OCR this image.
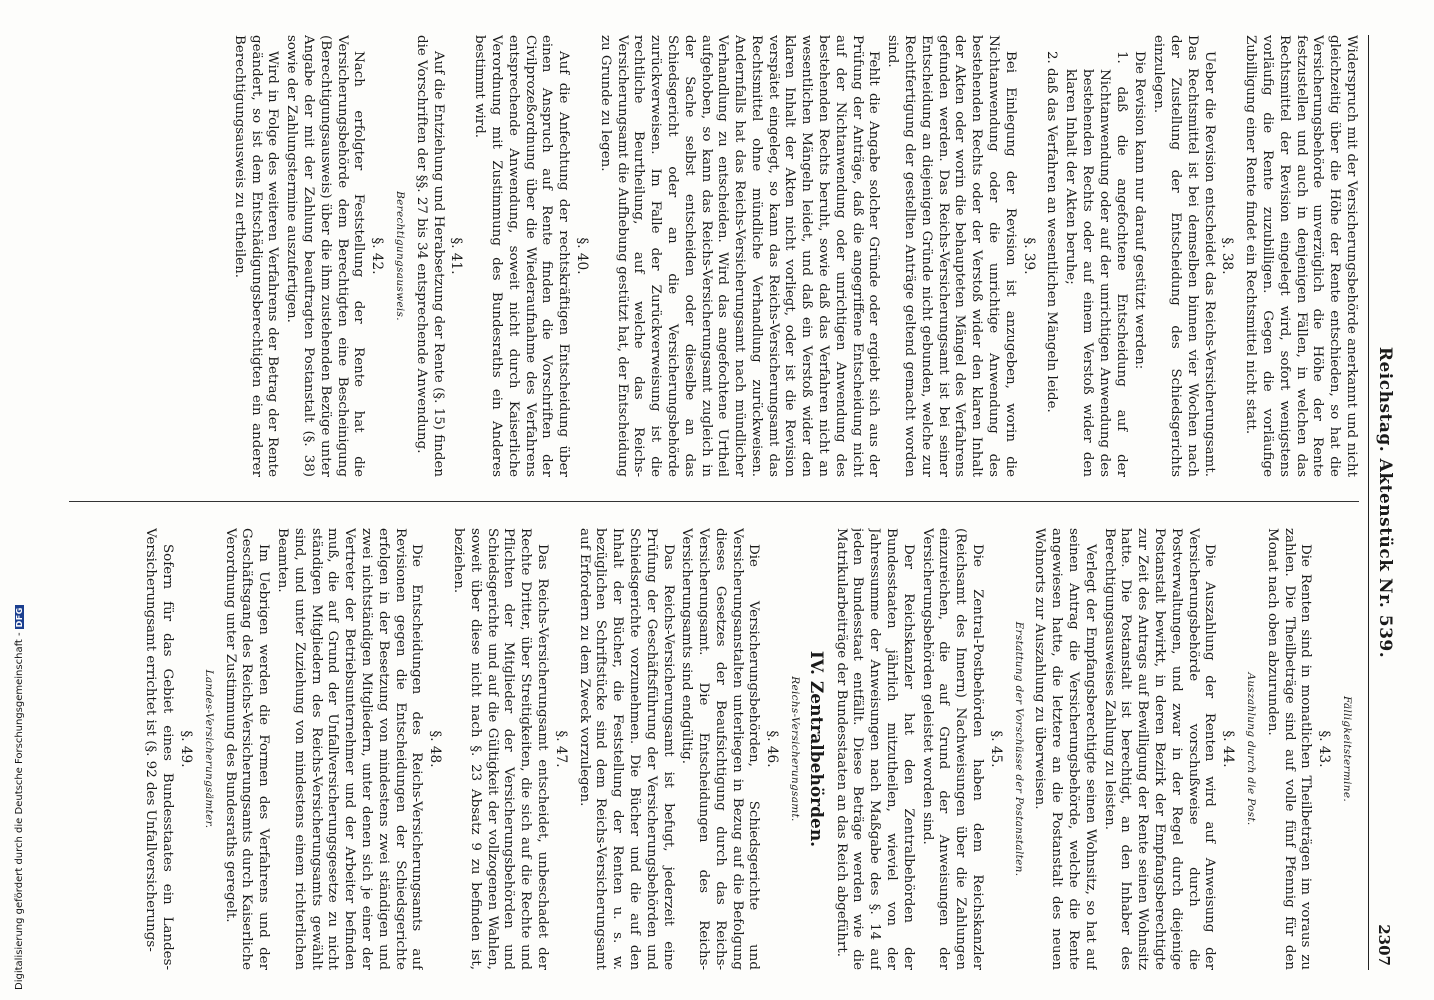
Reichstag. Aktenstück Nr. 539.
2307
Widerspruch mit der Versicherungsbehörde anerkannt und nicht gleichzeitig über die Höhe der Rente entschieden, so hat die Versicherungsbehörde unverzüglich die Höhe der Rente festzustellen und auch in denjenigen Fällen, in welchen das Rechtsmittel der Revision eingelegt wird, sofort wenigstens vorläufig die Rente zuzubilligen. Gegen die vorläufige Zubilligung einer Rente findet ein Rechtsmittel nicht statt.
§. 38.
Ueber die Revision entscheidet das Reichs-Versicherungsamt. Das Rechtsmittel ist bei demselben binnen vier Wochen nach der Zustellung der Entscheidung des Schiedsgerichts einzulegen.
Die Revision kann nur darauf gestützt werden:
1. daß die angefochtene Entscheidung auf der Nichtanwendung oder auf der unrichtigen Anwendung des bestehenden Rechts oder auf einem Verstoß wider den klaren Inhalt der Akten beruhe;
2. daß das Verfahren an wesentlichen Mängeln leide.
§. 39.
Bei Einlegung der Revision ist anzugeben, worin die Nichtanwendung oder die unrichtige Anwendung des bestehenden Rechts oder der Verstoß wider den klaren Inhalt der Akten oder worin die behaupteten Mängel des Verfahrens gefunden werden. Das Reichs-Versicherungsamt ist bei seiner Entscheidung an diejenigen Gründe nicht gebunden, welche zur Rechtfertigung der gestellten Anträge geltend gemacht worden sind.
Fehlt die Angabe solcher Gründe oder ergiebt sich aus der Prüfung der Anträge, daß die angegriffene Entscheidung nicht auf der Nichtanwendung oder unrichtigen Anwendung des bestehenden Rechts beruht, sowie daß das Verfahren nicht an wesentlichen Mängeln leidet, und daß ein Verstoß wider den klaren Inhalt der Akten nicht vorliegt, oder ist die Revision verspätet eingelegt, so kann das Reichs-Versicherungsamt das Rechtsmittel ohne mündliche Verhandlung zurückweisen. Andernfalls hat das Reichs-Versicherungsamt nach mündlicher Verhandlung zu entscheiden. Wird das angefochtene Urtheil aufgehoben, so kann das Reichs-Versicherungsamt zugleich in der Sache selbst entscheiden oder dieselbe an das Schiedsgericht oder an die Versicherungsbehörde zurückverweisen. Im Falle der Zurückverweisung ist die rechtliche Beurtheilung, auf welche das Reichs-Versicherungsamt die Aufhebung gestützt hat, der Entscheidung zu Grunde zu legen.
§. 40.
Auf die Anfechtung der rechtskräftigen Entscheidung über einen Anspruch auf Rente finden die Vorschriften der Civilprozeßordnung über die Wiederaufnahme des Verfahrens entsprechende Anwendung, soweit nicht durch Kaiserliche Verordnung mit Zustimmung des Bundesraths ein Anderes bestimmt wird.
§. 41.
Auf die Entziehung und Herabsetzung der Rente (§. 15) finden die Vorschriften der §§. 27 bis 34 entsprechende Anwendung.
Berechtigungsausweis.
§. 42.
Nach erfolgter Feststellung der Rente hat die Versicherungsbehörde dem Berechtigten eine Bescheinigung (Berechtigungsausweis) über die ihm zustehenden Bezüge unter Angabe der mit der Zahlung beauftragten Postanstalt (§. 38) sowie der Zahlungstermine auszufertigen.
Wird in Folge des weiteren Verfahrens der Betrag der Rente geändert, so ist dem Entschädigungsberechtigten ein anderer Berechtigungsausweis zu ertheilen.
Fälligkeitstermine.
§. 43.
Die Renten sind in monatlichen Theilbeträgen im voraus zu zahlen. Die Theilbeträge sind auf volle fünf Pfennig für den Monat nach oben abzurunden.
Auszahlung durch die Post.
§. 44.
Die Auszahlung der Renten wird auf Anweisung der Versicherungsbehörde vorschußweise durch die Postverwaltungen, und zwar in der Regel durch diejenige Postanstalt bewirkt, in deren Bezirk der Empfangsberechtigte zur Zeit des Antrags auf Bewilligung der Rente seinen Wohnsitz hatte. Die Postanstalt ist berechtigt, an den Inhaber des Berechtigungsausweises Zahlung zu leisten.
Verlegt der Empfangsberechtigte seinen Wohnsitz, so hat auf seinen Antrag die Versicherungsbehörde, welche die Rente angewiesen hatte, die letztere an die Postanstalt des neuen Wohnorts zur Auszahlung zu überweisen.
Erstattung der Vorschüsse der Postanstalten.
§. 45.
Die Zentral-Postbehörden haben dem Reichskanzler (Reichsamt des Innern) Nachweisungen über die Zahlungen einzureichen, die auf Grund der Anweisungen der Versicherungsbehörden geleistet worden sind.
Der Reichskanzler hat den Zentralbehörden der Bundesstaaten jährlich mitzutheilen, wieviel von der Jahressumme der Anweisungen nach Maßgabe des §. 14 auf jeden Bundesstaat entfällt. Diese Beträge werden wie die Matrikularbeiträge der Bundesstaaten an das Reich abgeführt.
IV. Zentralbehörden.
Reichs-Versicherungsamt.
§. 46.
Die Versicherungsbehörden, Schiedsgerichte und Versicherungsanstalten unterliegen in Bezug auf die Befolgung dieses Gesetzes der Beaufsichtigung durch das Reichs-Versicherungsamt. Die Entscheidungen des Reichs-Versicherungsamts sind endgültig.
Das Reichs-Versicherungsamt ist befugt, jederzeit eine Prüfung der Geschäftsführung der Versicherungsbehörden und Schiedsgerichte vorzunehmen. Die Bücher und die auf den Inhalt der Bücher, die Feststellung der Renten u. s. w. bezüglichen Schriftstücke sind dem Reichs-Versicherungsamt auf Erfordern zu dem Zweck vorzulegen.
§. 47.
Das Reichs-Versicherungsamt entscheidet, unbeschadet der Rechte Dritter, über Streitigkeiten, die sich auf die Rechte und Pflichten der Mitglieder der Versicherungsbehörden und Schiedsgerichte und auf die Gültigkeit der vollzogenen Wahlen, soweit über diese nicht nach §. 23 Absatz 9 zu befinden ist, beziehen.
§. 48.
Die Entscheidungen des Reichs-Versicherungsamts auf Revisionen gegen die Entscheidungen der Schiedsgerichte erfolgen in der Besetzung von mindestens zwei ständigen und zwei nichtständigen Mitgliedern, unter denen sich je einer der Vertreter der Betriebsunternehmer und der Arbeiter befinden muß, die auf Grund der Unfallversicherungsgesetze zu nicht ständigen Mitgliedern des Reichs-Versicherungsamts gewählt sind, und unter Zuziehung von mindestens einem richterlichen Beamten.
Im Uebrigen werden die Formen des Verfahrens und der Geschäftsgang des Reichs-Versicherungsamts durch Kaiserliche Verordnung unter Zustimmung des Bundesraths geregelt.
Landes-Versicherungsämter.
§. 49.
Sofern für das Gebiet eines Bundesstaates ein Landes-Versicherungsamt errichtet ist (§. 92 des Unfallversicherungs-
Digitalisierung gefördert durch die Deutsche Forschungsgemeinschaft -DFG
